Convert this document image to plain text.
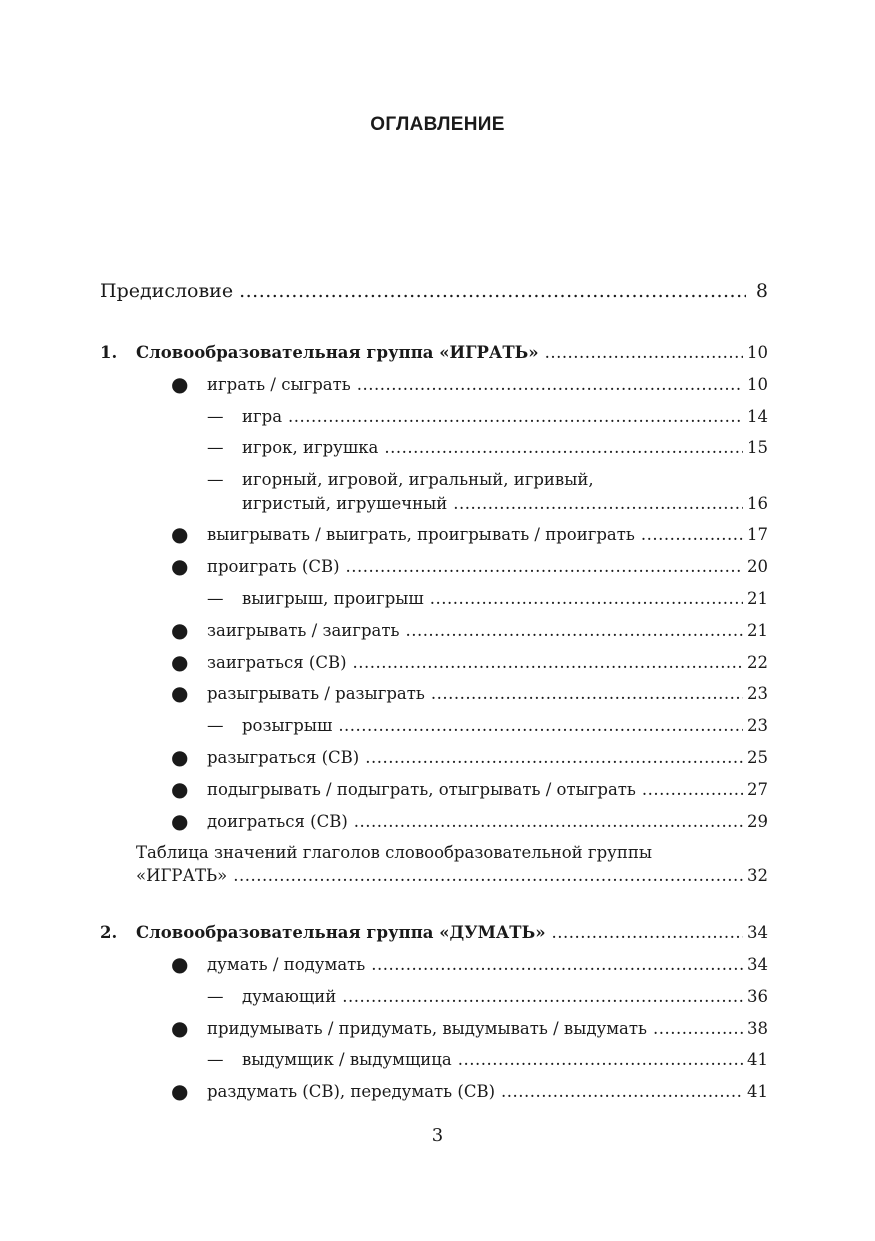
ОГЛАВЛЕНИЕ
Предисловие .....	8
1. Словообразовательная группа «ИГРАТЬ» .....	10
● играть / сыграть .....	10
— игра .....	14
— игрок, игрушка .....	15
— игорный, игровой, игральный, игривый,
игристый, игрушечный .....	16
● выигрывать / выиграть, проигрывать / проиграть .....	17
● проиграть (СВ) .....	20
— выигрыш, проигрыш .....	21
● заигрывать / заиграть .....	21
● заиграться (СВ) .....	22
● разыгрывать / разыграть .....	23
— розыгрыш .....	23
● разыграться (СВ) .....	25
● подыгрывать / подыграть, отыгрывать / отыграть .....	27
● доиграться (СВ) .....	29
Таблица значений глаголов словообразовательной группы
«ИГРАТЬ» .....	32
2. Словообразовательная группа «ДУМАТЬ» .....	34
● думать / подумать .....	34
— думающий .....	36
● придумывать / придумать, выдумывать / выдумать .....	38
— выдумщик / выдумщица .....	41
● раздумать (СВ), передумать (СВ) .....	41
3
